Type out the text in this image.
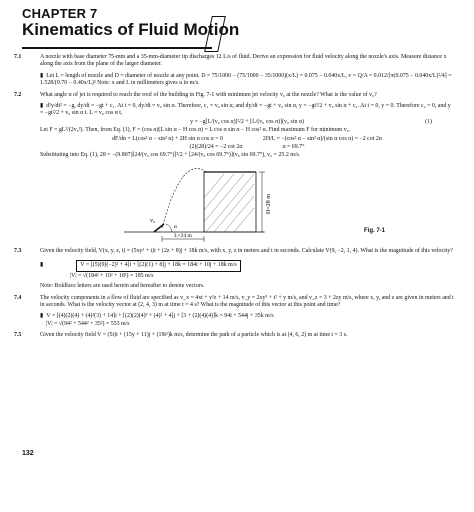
CHAPTER 7
Kinematics of Fluid Motion
7.1	A nozzle with base diameter 75-mm and a 35-mm-diameter tip discharges 12 L/s of fluid. Derive an expression for fluid velocity along the nozzle's axis. Measure distance x along the axis from the plane of the larger diameter.
▮ Let L = length of nozzle and D = diameter of nozzle at any point. D = 75/1000 − (75/1000 − 35/1000)(x/L) = 0.075 − 0.040x/L, v = Q/A = 0.012/[π(0.075 − 0.040x/L)²/4] = 1.528/(0.70 − 0.40x/L)² Note: x and L in millimeters gives u in m/s.
7.2	What angle α of jet is required to reach the roof of the building in Fig. 7-1 with minimum jet velocity v₀ at the nozzle? What is the value of v₀?
▮ d²y/dt² = −g, dy/dt = −gt + c₁. At t = 0, dy/dt = v₀ sin α. Therefore, c₁ = v₀ sin α, and dy/dt = −gt + v₀ sin α, y = −gt²/2 + v₀ sin α + c₂. At t = 0, y = 0. Therefore c₂ = 0, and y = −gt²/2 + v₀ sin α t. L = v₀ cos α t,
y = −g[L/(v₀ cos α)]²/2 + [L/(v₀ cos α)](v₀ sin α)	(1)
Let F = gL²/(2v₀²). Then, from Eq. (1), F = (cos α)(L sin α − H cos α) = L cos α sin α − H cos² α. Find maximum F for minimum v₀.
dF/dα = L(cos² α − sin² α) + 2H sin α cos α = 0	2H/L = −(cos² α − sin² α)/(sin α cos α) = −2 cot 2α
(2)(28)/24 = −2 cot 2α	α = 69.7°
Substituting into Eq. (1), 28 = −(9.807)[24/(v₀ cos 69.7°)]²/2 + [24/(v₀ cos 69.7°)](v₀ sin 69.7°), v₀ = 25.2 m/s.
H=28 m
L=24 m
v₀
α
Fig. 7-1
7.3	Given the velocity field, V(x, y, z, t) = (5xy² + t)i + (2z + 8)j + 18k m/s, with x, y, z in meters and t in seconds. Calculate V(9, −2, 1, 4). What is the magnitude of this velocity?
▮	V = [(5)(9)(−2)² + 4]i + [(2)(1) + 8]j + 18k = 184i + 10j + 18k m/s
|V| = √(184² + 10² + 18²) = 185 m/s
Note: Boldface letters are used herein and hereafter to denote vectors.
7.4	The velocity components in a flow of fluid are specified as v_x = 4xt + y²z + 14 m/s, v_y = 2xy³ + t² + y m/s, and v_z = 3 + 2zy m/s, where x, y, and z are given in meters and t in seconds. What is the velocity vector at (2, 4, 3) m at time t = 4 s? What is the magnitude of this vector at this point and time?
▮ V = [(4)(2)(4) + (4)²(3) + 14]i + [(2)(2)(4)³ + (4)² + 4]j + [3 + (2)(4)(4)]k = 94i + 544j + 35k m/s
|V| = √(94² + 544² + 35²) = 553 m/s
7.5	Given the velocity field V = (5t)i + (15y + 11)j + (19t²)k m/s, determine the path of a particle which is at (4, 6, 2) m at time t = 3 s.
132
